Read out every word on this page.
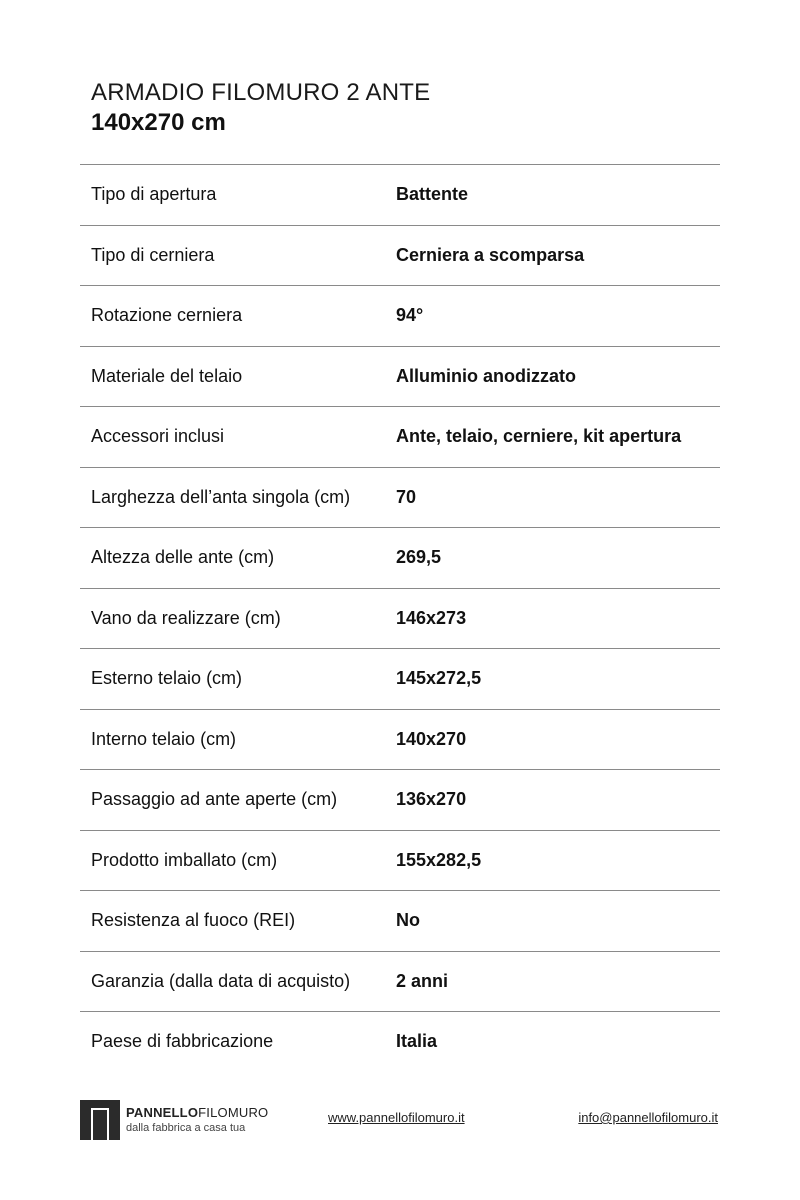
ARMADIO FILOMURO 2 ANTE
140x270 cm
Tipo di apertura	Battente
Tipo di cerniera	Cerniera a scomparsa
Rotazione cerniera	94°
Materiale del telaio	Alluminio anodizzato
Accessori inclusi	Ante, telaio, cerniere, kit apertura
Larghezza dell’anta singola (cm)	70
Altezza delle ante (cm)	269,5
Vano da realizzare (cm)	146x273
Esterno telaio (cm)	145x272,5
Interno telaio (cm)	140x270
Passaggio ad ante aperte (cm)	136x270
Prodotto imballato (cm)	155x282,5
Resistenza al fuoco (REI)	No
Garanzia (dalla data di acquisto)	2 anni
Paese di fabbricazione	Italia
PANNELLOFILOMURO
dalla fabbrica a casa tua
www.pannellofilomuro.it	info@pannellofilomuro.it
